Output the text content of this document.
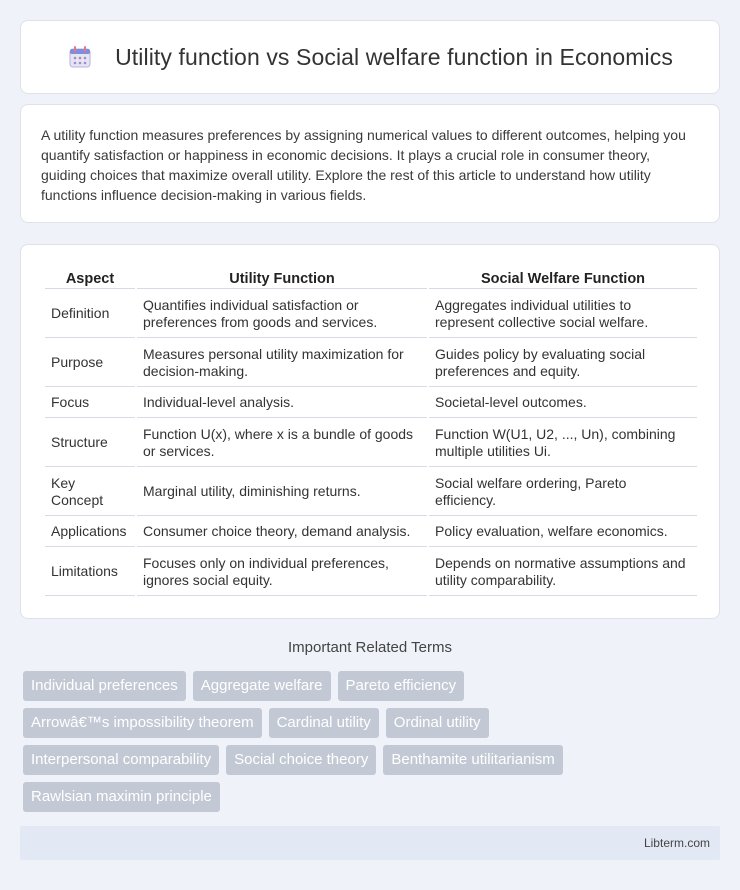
Utility function vs Social welfare function in Economics

A utility function measures preferences by assigning numerical values to different outcomes, helping you quantify satisfaction or happiness in economic decisions. It plays a crucial role in consumer theory, guiding choices that maximize overall utility. Explore the rest of this article to understand how utility functions influence decision-making in various fields.

Aspect	Utility Function	Social Welfare Function
Definition	Quantifies individual satisfaction or preferences from goods and services.	Aggregates individual utilities to represent collective social welfare.
Purpose	Measures personal utility maximization for decision-making.	Guides policy by evaluating social preferences and equity.
Focus	Individual-level analysis.	Societal-level outcomes.
Structure	Function U(x), where x is a bundle of goods or services.	Function W(U1, U2, ..., Un), combining multiple utilities Ui.
Key Concept	Marginal utility, diminishing returns.	Social welfare ordering, Pareto efficiency.
Applications	Consumer choice theory, demand analysis.	Policy evaluation, welfare economics.
Limitations	Focuses only on individual preferences, ignores social equity.	Depends on normative assumptions and utility comparability.
Important Related Terms
Individual preferences	Aggregate welfare	Pareto efficiency
Arrowâ€™s impossibility theorem	Cardinal utility	Ordinal utility
Interpersonal comparability	Social choice theory	Benthamite utilitarianism
Rawlsian maximin principle
Libterm.com
